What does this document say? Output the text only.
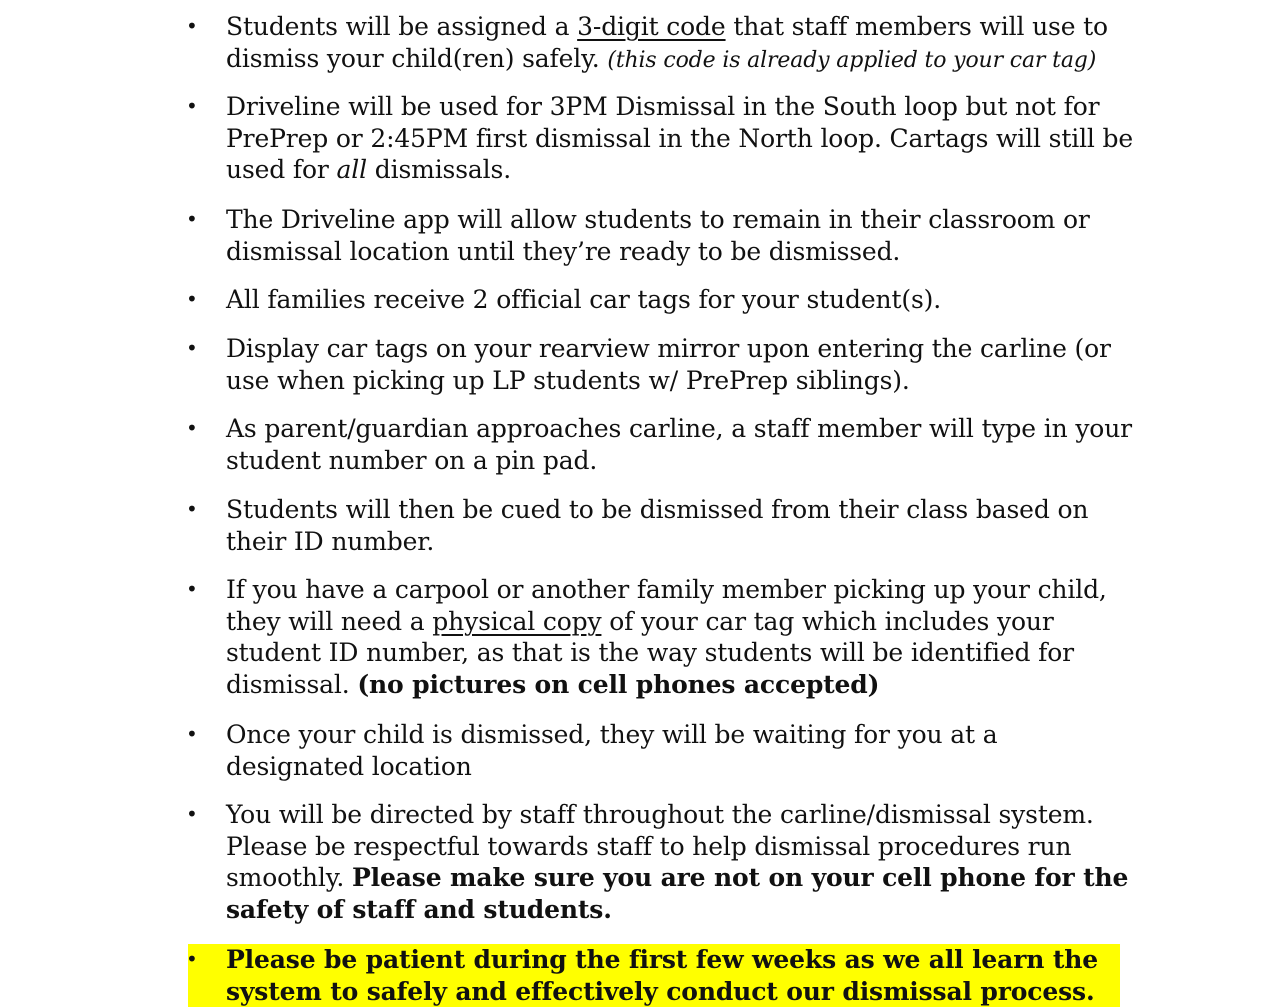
•	Students will be assigned a 3-digit code that staff members will use to dismiss your child(ren) safely. (this code is already applied to your car tag)
•	Driveline will be used for 3PM Dismissal in the South loop but not for PrePrep or 2:45PM first dismissal in the North loop. Cartags will still be used for all dismissals.
•	The Driveline app will allow students to remain in their classroom or dismissal location until they’re ready to be dismissed.
•	All families receive 2 official car tags for your student(s).
•	Display car tags on your rearview mirror upon entering the carline (or use when picking up LP students w/ PrePrep siblings).
•	As parent/guardian approaches carline, a staff member will type in your student number on a pin pad.
•	Students will then be cued to be dismissed from their class based on their ID number.
•	If you have a carpool or another family member picking up your child, they will need a physical copy of your car tag which includes your student ID number, as that is the way students will be identified for dismissal. (no pictures on cell phones accepted)
•	Once your child is dismissed, they will be waiting for you at a designated location
•	You will be directed by staff throughout the carline/dismissal system. Please be respectful towards staff to help dismissal procedures run smoothly. Please make sure you are not on your cell phone for the safety of staff and students.
•	Please be patient during the first few weeks as we all learn the system to safely and effectively conduct our dismissal process.
